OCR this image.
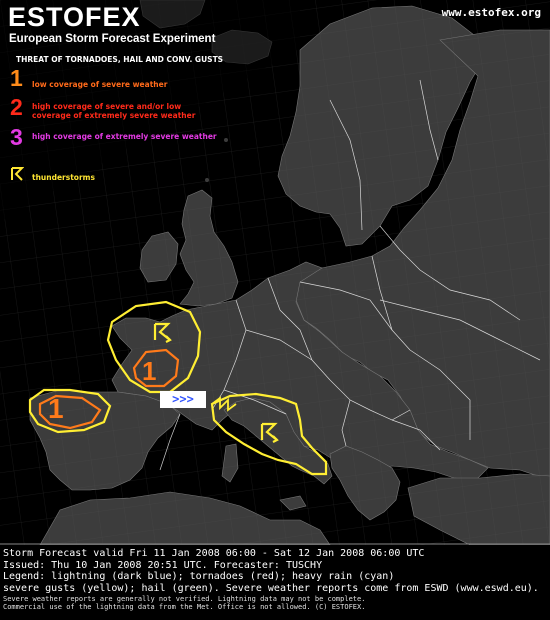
ESTOFEX
European Storm Forecast Experiment
www.estofex.org
THREAT OF TORNADOES, HAIL AND CONV. GUSTS
1 low coverage of severe weather
2 high coverage of severe and/or low coverage of extremely severe weather
3 high coverage of extremely severe weather
thunderstorms
1
1	>>>
Storm Forecast valid Fri 11 Jan 2008 06:00 - Sat 12 Jan 2008 06:00 UTC
Issued: Thu 10 Jan 2008 20:51 UTC. Forecaster: TUSCHY
Legend: lightning (dark blue); tornadoes (red); heavy rain (cyan)
severe gusts (yellow); hail (green). Severe weather reports come from ESWD (www.eswd.eu).
Severe weather reports are generally not verified. Lightning data may not be complete.
Commercial use of the lightning data from the Met. Office is not allowed. (C) ESTOFEX.
